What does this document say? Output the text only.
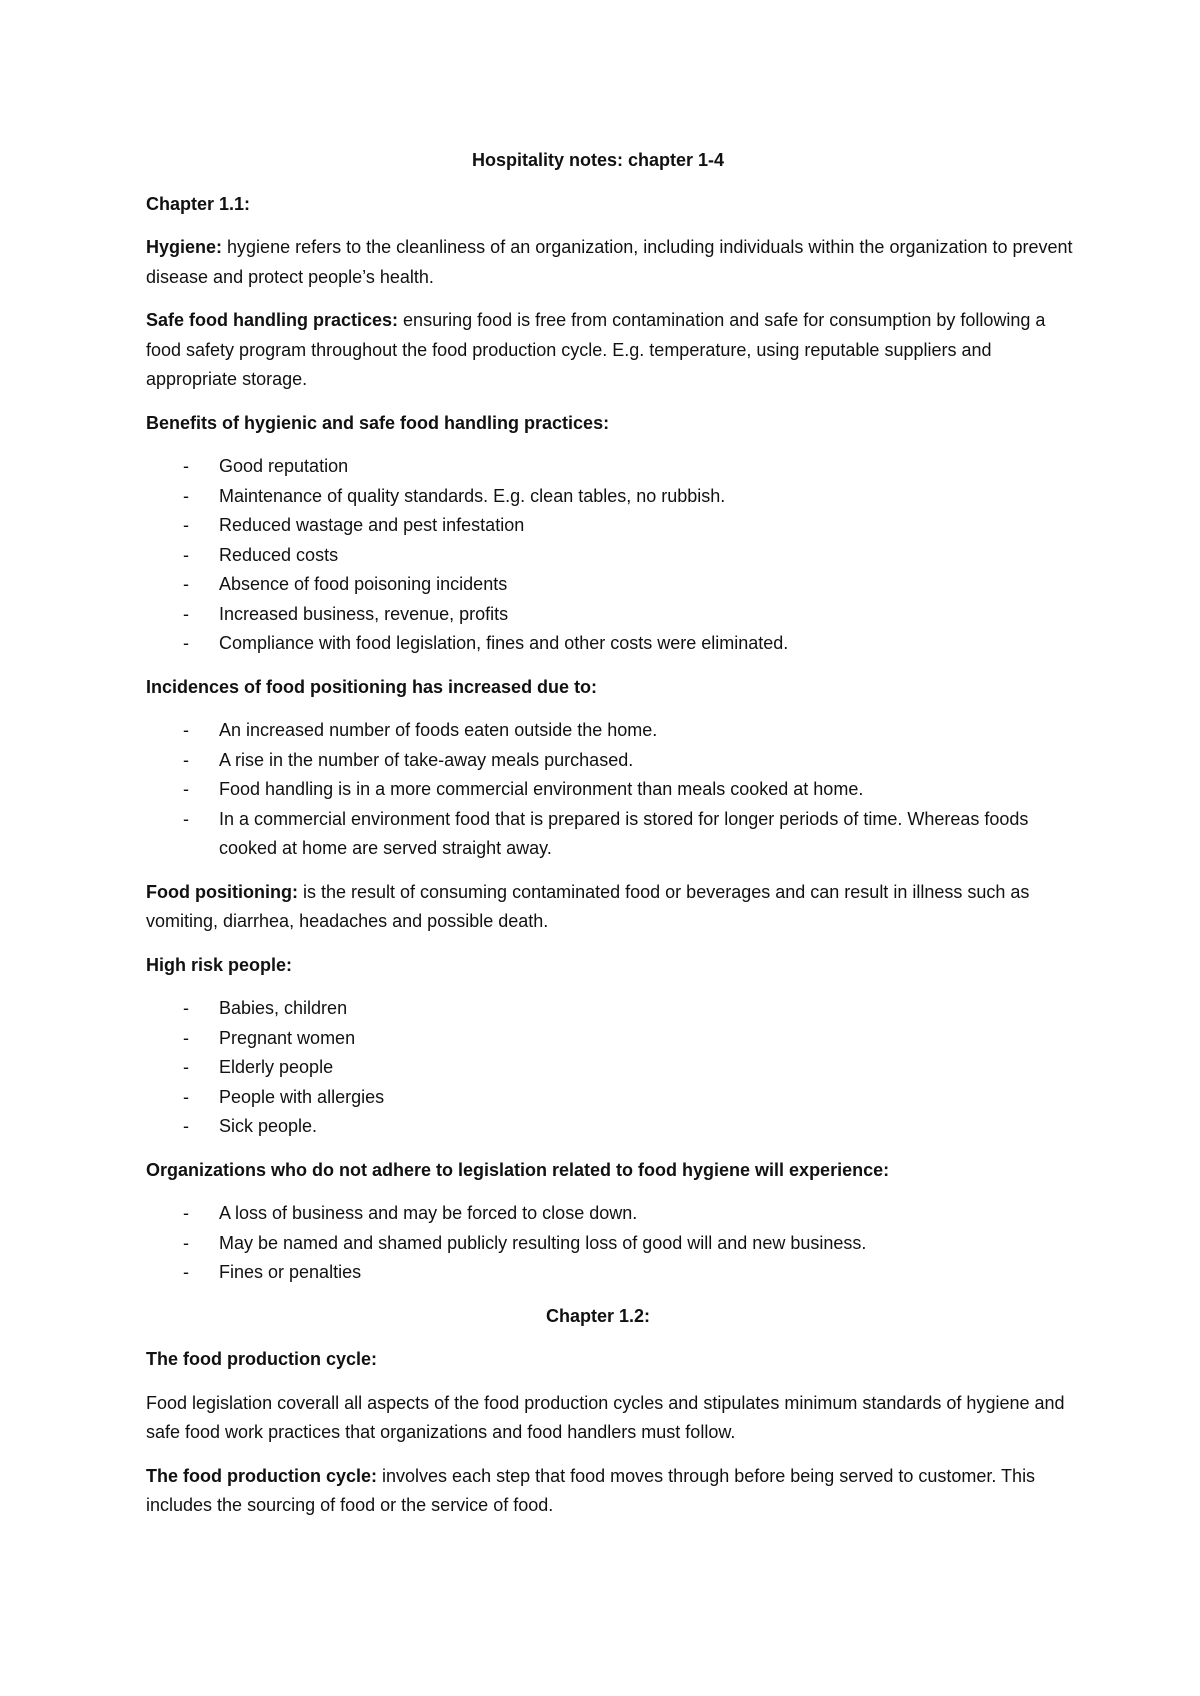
Hospitality notes: chapter 1-4
Chapter 1.1:

Hygiene: hygiene refers to the cleanliness of an organization, including individuals within the organization to prevent disease and protect people’s health.

Safe food handling practices: ensuring food is free from contamination and safe for consumption by following a food safety program throughout the food production cycle. E.g. temperature, using reputable suppliers and appropriate storage.

Benefits of hygienic and safe food handling practices:
- Good reputation
- Maintenance of quality standards. E.g. clean tables, no rubbish.
- Reduced wastage and pest infestation
- Reduced costs
- Absence of food poisoning incidents
- Increased business, revenue, profits
- Compliance with food legislation, fines and other costs were eliminated.
Incidences of food positioning has increased due to:
- An increased number of foods eaten outside the home.
- A rise in the number of take-away meals purchased.
- Food handling is in a more commercial environment than meals cooked at home.
- In a commercial environment food that is prepared is stored for longer periods of time. Whereas foods cooked at home are served straight away.

Food positioning: is the result of consuming contaminated food or beverages and can result in illness such as vomiting, diarrhea, headaches and possible death.

High risk people:
- Babies, children
- Pregnant women
- Elderly people
- People with allergies
- Sick people.
Organizations who do not adhere to legislation related to food hygiene will experience:
- A loss of business and may be forced to close down.
- May be named and shamed publicly resulting loss of good will and new business.
- Fines or penalties
Chapter 1.2:
The food production cycle:

Food legislation coverall all aspects of the food production cycles and stipulates minimum standards of hygiene and safe food work practices that organizations and food handlers must follow.

The food production cycle: involves each step that food moves through before being served to customer. This includes the sourcing of food or the service of food.
